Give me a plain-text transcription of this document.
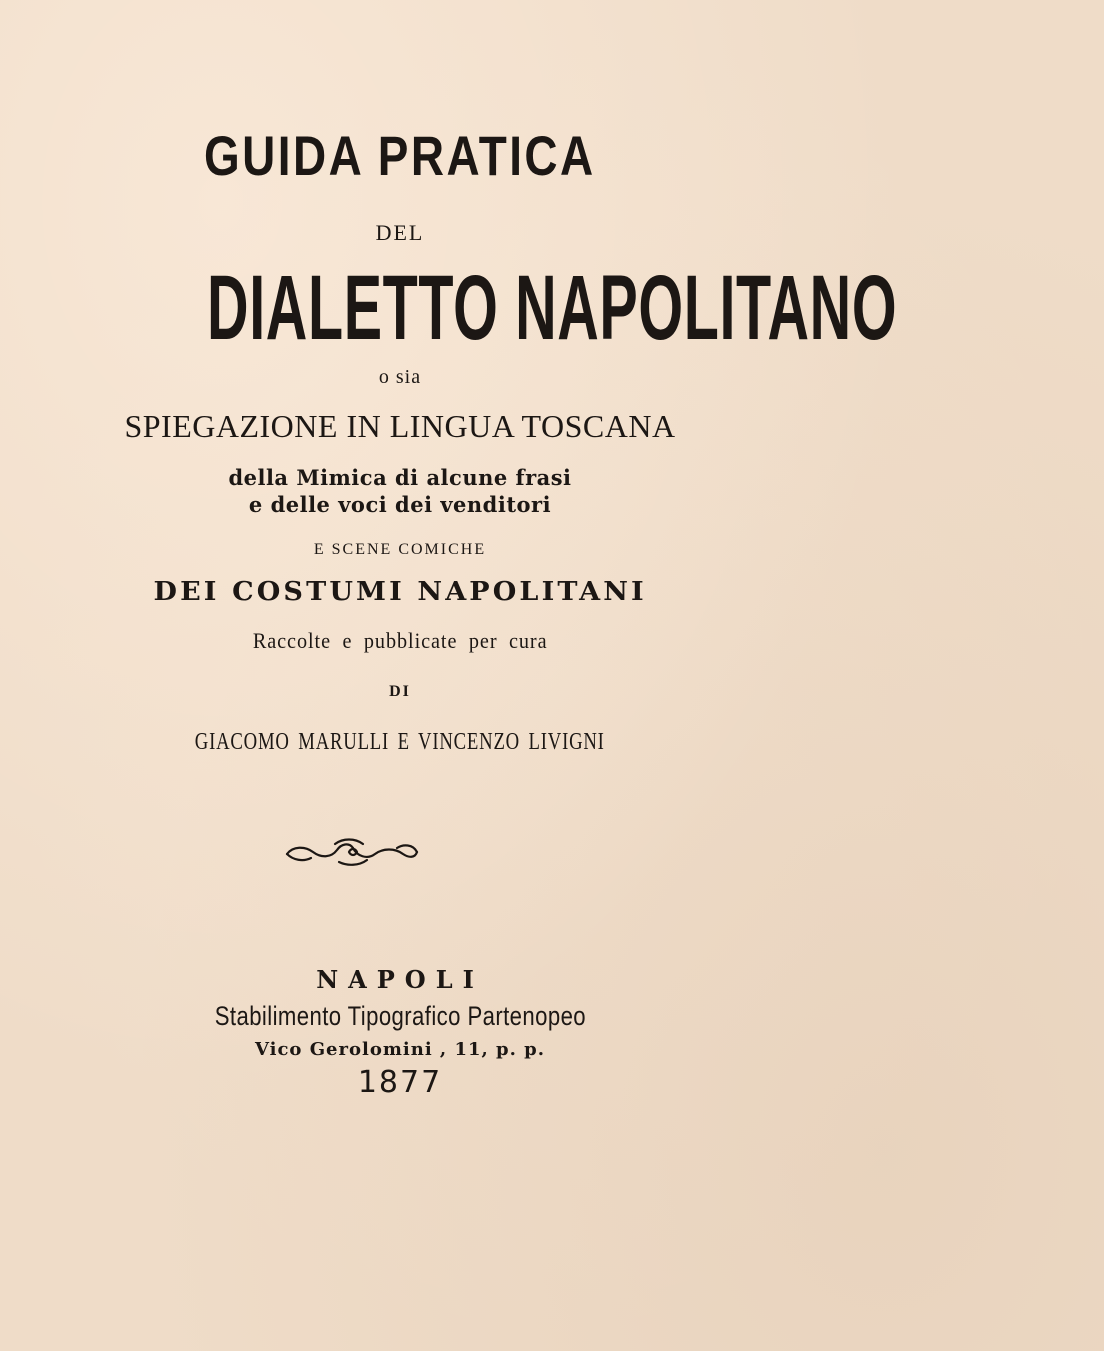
GUIDA PRATICA
DEL
DIALETTO NAPOLITANO
o sia
SPIEGAZIONE IN LINGUA TOSCANA
della Mimica di alcune frasi
e delle voci dei venditori
E SCENE COMICHE
DEI COSTUMI NAPOLITANI
Raccolte e pubblicate per cura
DI
GIACOMO MARULLI E VINCENZO LIVIGNI
NAPOLI
Stabilimento Tipografico Partenopeo
Vico Gerolomini , 11, p. p.
1877
